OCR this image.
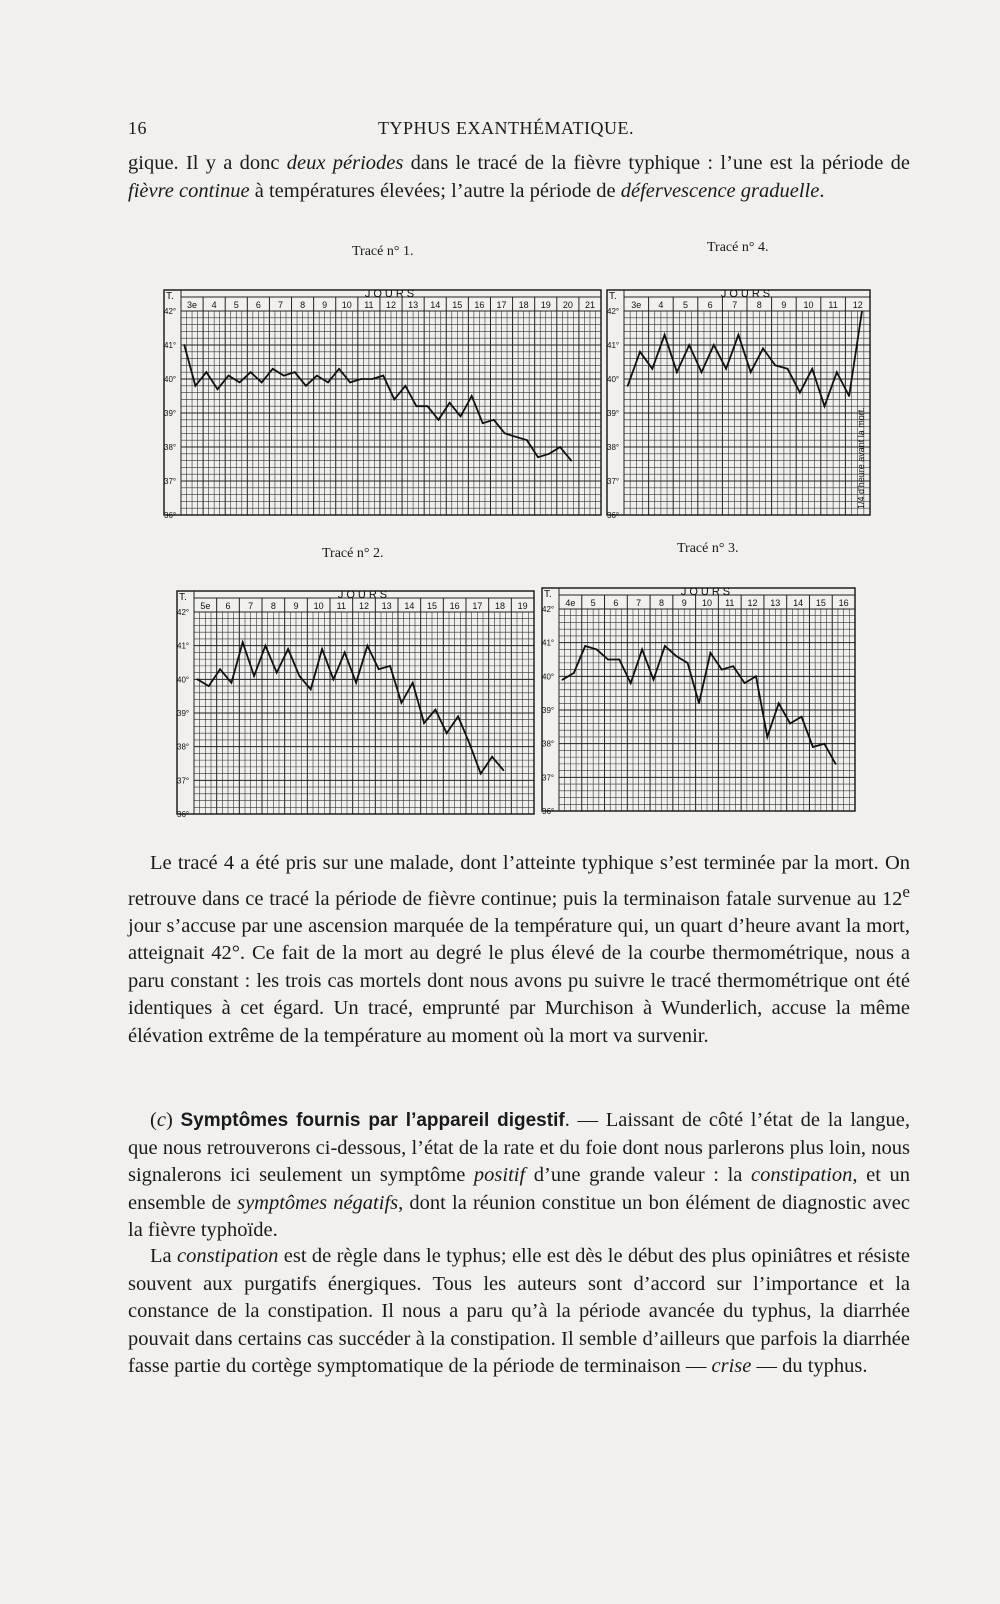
16	TYPHUS EXANTHÉMATIQUE.

gique. Il y a donc deux périodes dans le tracé de la fièvre typhique : l’une est la période de fièvre continue à températures élevées; l’autre la période de défervescence graduelle.

Tracé n° 1.
T.	JOURS
3e 4 5 6 7 8 9 10 11 12 13 14 15 16 17 18 19 20 21
42°
41°
40°
39°
38°
37°
36°
Tracé n° 4.
T.	JOURS
3e 4 5 6 7 8 9 10 11 12
42°
41°
40°
39°
38°
37°
36°
1/4 d'heure avant la mort.
Tracé n° 2.
T.	JOURS
5e 6 7 8 9 10 11 12 13 14 15 16 17 18 19
42°
41°
40°
39°
38°
37°
36°
Tracé n° 3.
T.	JOURS
4e 5 6 7 8 9 10 11 12 13 14 15 16
42°
41°
40°
39°
38°
37°
36°

Le tracé 4 a été pris sur une malade, dont l’atteinte typhique s’est terminée par la mort. On retrouve dans ce tracé la période de fièvre continue; puis la terminaison fatale survenue au 12e jour s’accuse par une ascension marquée de la température qui, un quart d’heure avant la mort, atteignait 42°. Ce fait de la mort au degré le plus élevé de la courbe thermométrique, nous a paru constant : les trois cas mortels dont nous avons pu suivre le tracé thermométrique ont été identiques à cet égard. Un tracé, emprunté par Murchison à Wunderlich, accuse la même élévation extrême de la température au moment où la mort va survenir.

(c) Symptômes fournis par l’appareil digestif. — Laissant de côté l’état de la langue, que nous retrouverons ci-dessous, l’état de la rate et du foie dont nous parlerons plus loin, nous signalerons ici seulement un symptôme positif d’une grande valeur : la constipation, et un ensemble de symptômes négatifs, dont la réunion constitue un bon élément de diagnostic avec la fièvre typhoïde.

La constipation est de règle dans le typhus; elle est dès le début des plus opiniâtres et résiste souvent aux purgatifs énergiques. Tous les auteurs sont d’accord sur l’importance et la constance de la constipation. Il nous a paru qu’à la période avancée du typhus, la diarrhée pouvait dans certains cas succéder à la constipation. Il semble d’ailleurs que parfois la diarrhée fasse partie du cortège symptomatique de la période de terminaison — crise — du typhus.
